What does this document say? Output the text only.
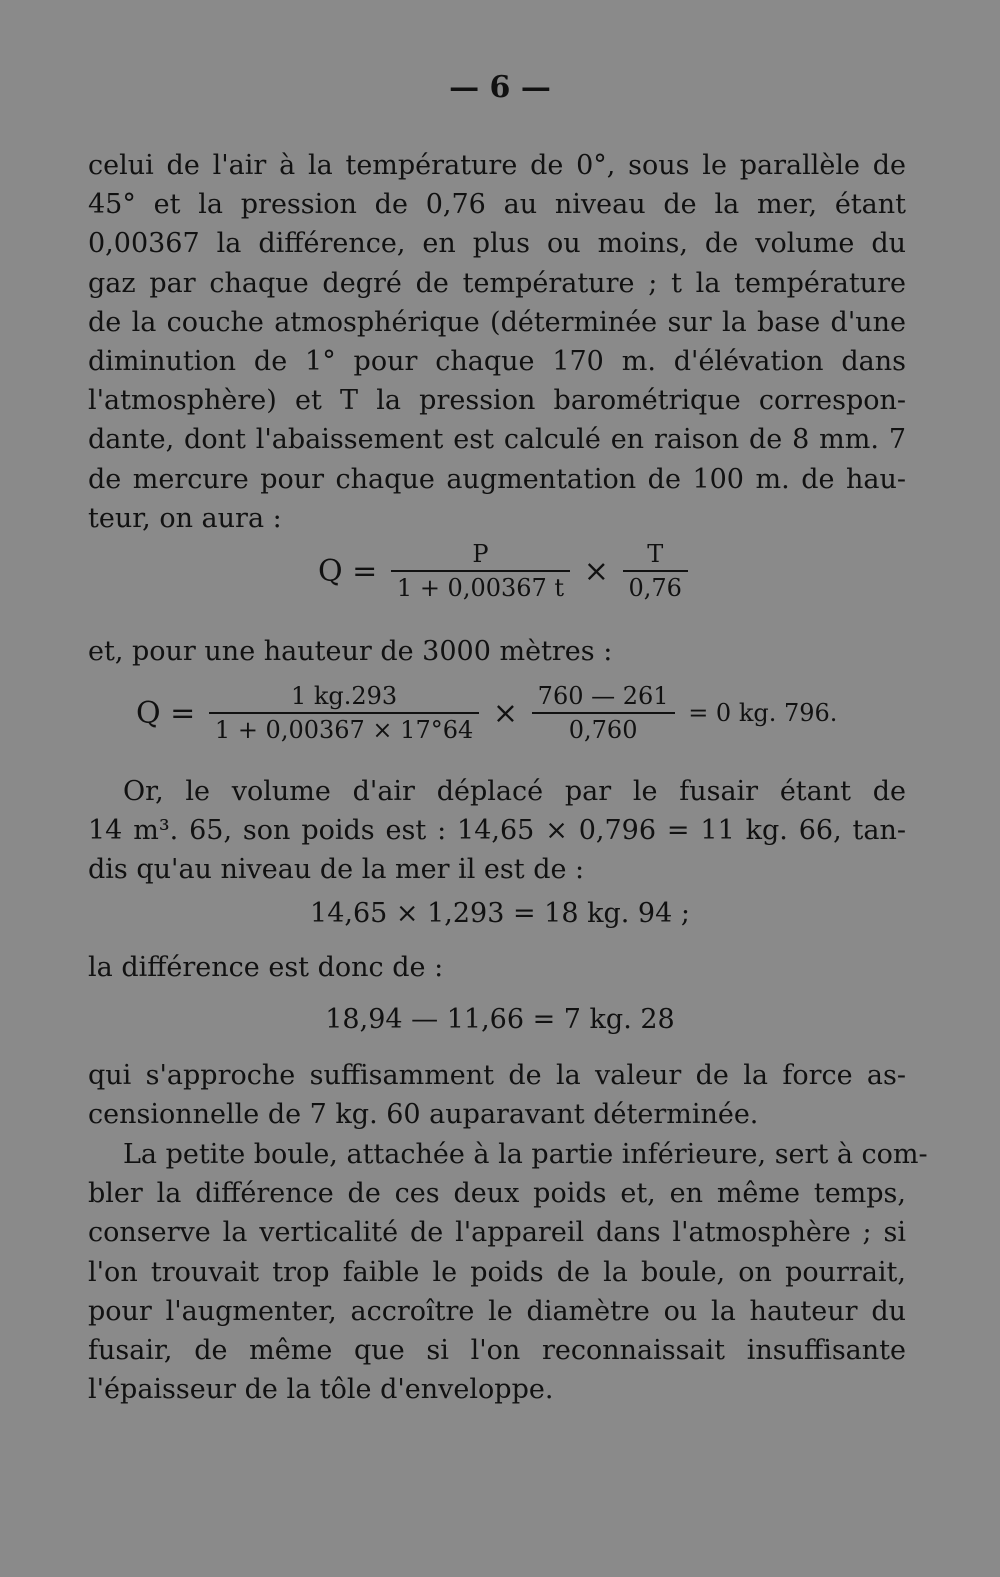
— 6 —
celui de l'air à la température de 0°, sous le parallèle de
45° et la pression de 0,76 au niveau de la mer, étant
0,00367 la différence, en plus ou moins, de volume du
gaz par chaque degré de température ; t la température
de la couche atmosphérique (déterminée sur la base d'une
diminution de 1° pour chaque 170 m. d'élévation dans
l'atmosphère) et T la pression barométrique correspon-
dante, dont l'abaissement est calculé en raison de 8 mm. 7
de mercure pour chaque augmentation de 100 m. de hau-
teur, on aura :
$Q = \frac{P}{1 + 0,00367 t} \times \frac{T}{0,76}$
et, pour une hauteur de 3000 mètres :
$Q = \frac{1 kg.293}{1 + 0,00367 \times 17^\circ 64} \times \frac{760 — 261}{0,760} = 0$ kg. 796.
Or, le volume d'air déplacé par le fusair étant de
14 m³. 65, son poids est : 14,65 × 0,796 = 11 kg. 66, tan-
dis qu'au niveau de la mer il est de :
14,65 × 1,293 = 18 kg. 94 ;
la différence est donc de :
18,94 — 11,66 = 7 kg. 28
qui s'approche suffisamment de la valeur de la force as-
censionnelle de 7 kg. 60 auparavant déterminée.
La petite boule, attachée à la partie inférieure, sert à com-
bler la différence de ces deux poids et, en même temps,
conserve la verticalité de l'appareil dans l'atmosphère ; si
l'on trouvait trop faible le poids de la boule, on pourrait,
pour l'augmenter, accroître le diamètre ou la hauteur du
fusair, de même que si l'on reconnaissait insuffisante
l'épaisseur de la tôle d'enveloppe.
